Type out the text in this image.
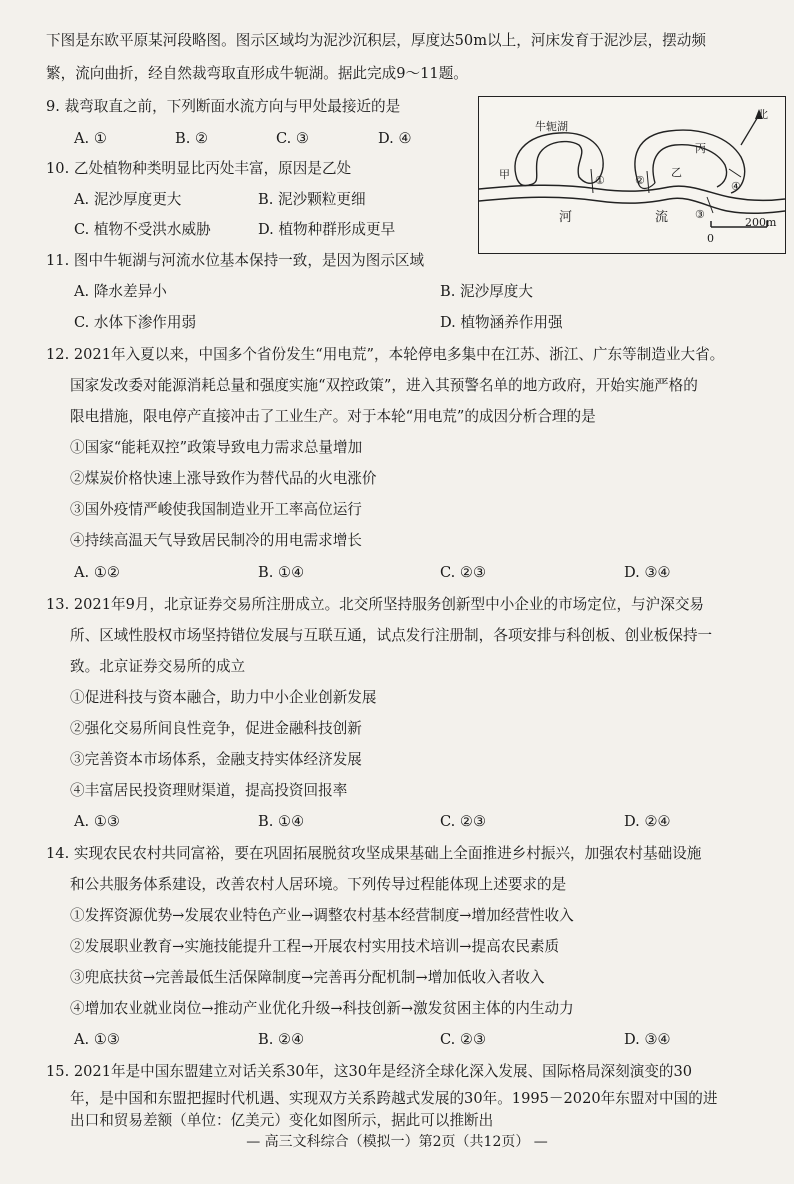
下图是东欧平原某河段略图。图示区域均为泥沙沉积层，厚度达50m以上，河床发育于泥沙层，摆动频
繁，流向曲折，经自然裁弯取直形成牛轭湖。据此完成9～11题。
9. 裁弯取直之前，下列断面水流方向与甲处最接近的是
A. ①	B. ②	C. ③	D. ④
10. 乙处植物种类明显比丙处丰富，原因是乙处
A. 泥沙厚度更大	B. 泥沙颗粒更细
C. 植物不受洪水威胁	D. 植物种群形成更早
牛轭湖
北
甲	乙
丙
河	流
①	②
③
④
0
200m
11. 图中牛轭湖与河流水位基本保持一致，是因为图示区域
A. 降水差异小	B. 泥沙厚度大
C. 水体下渗作用弱	D. 植物涵养作用强
12. 2021年入夏以来，中国多个省份发生“用电荒”，本轮停电多集中在江苏、浙江、广东等制造业大省。
国家发改委对能源消耗总量和强度实施“双控政策”，进入其预警名单的地方政府，开始实施严格的
限电措施，限电停产直接冲击了工业生产。对于本轮“用电荒”的成因分析合理的是
①国家“能耗双控”政策导致电力需求总量增加
②煤炭价格快速上涨导致作为替代品的火电涨价
③国外疫情严峻使我国制造业开工率高位运行
④持续高温天气导致居民制冷的用电需求增长
A. ①②	B. ①④	C. ②③	D. ③④
13. 2021年9月，北京证券交易所注册成立。北交所坚持服务创新型中小企业的市场定位，与沪深交易
所、区域性股权市场坚持错位发展与互联互通，试点发行注册制，各项安排与科创板、创业板保持一
致。北京证券交易所的成立
①促进科技与资本融合，助力中小企业创新发展
②强化交易所间良性竞争，促进金融科技创新
③完善资本市场体系，金融支持实体经济发展
④丰富居民投资理财渠道，提高投资回报率
A. ①③	B. ①④	C. ②③	D. ②④
14. 实现农民农村共同富裕，要在巩固拓展脱贫攻坚成果基础上全面推进乡村振兴，加强农村基础设施
和公共服务体系建设，改善农村人居环境。下列传导过程能体现上述要求的是
①发挥资源优势→发展农业特色产业→调整农村基本经营制度→增加经营性收入
②发展职业教育→实施技能提升工程→开展农村实用技术培训→提高农民素质
③兜底扶贫→完善最低生活保障制度→完善再分配机制→增加低收入者收入
④增加农业就业岗位→推动产业优化升级→科技创新→激发贫困主体的内生动力
A. ①③	B. ②④	C. ②③	D. ③④
15. 2021年是中国东盟建立对话关系30年，这30年是经济全球化深入发展、国际格局深刻演变的30
年，是中国和东盟把握时代机遇、实现双方关系跨越式发展的30年。1995－2020年东盟对中国的进
出口和贸易差额（单位：亿美元）变化如图所示，据此可以推断出
— 高三文科综合（模拟一）第2页（共12页） —
